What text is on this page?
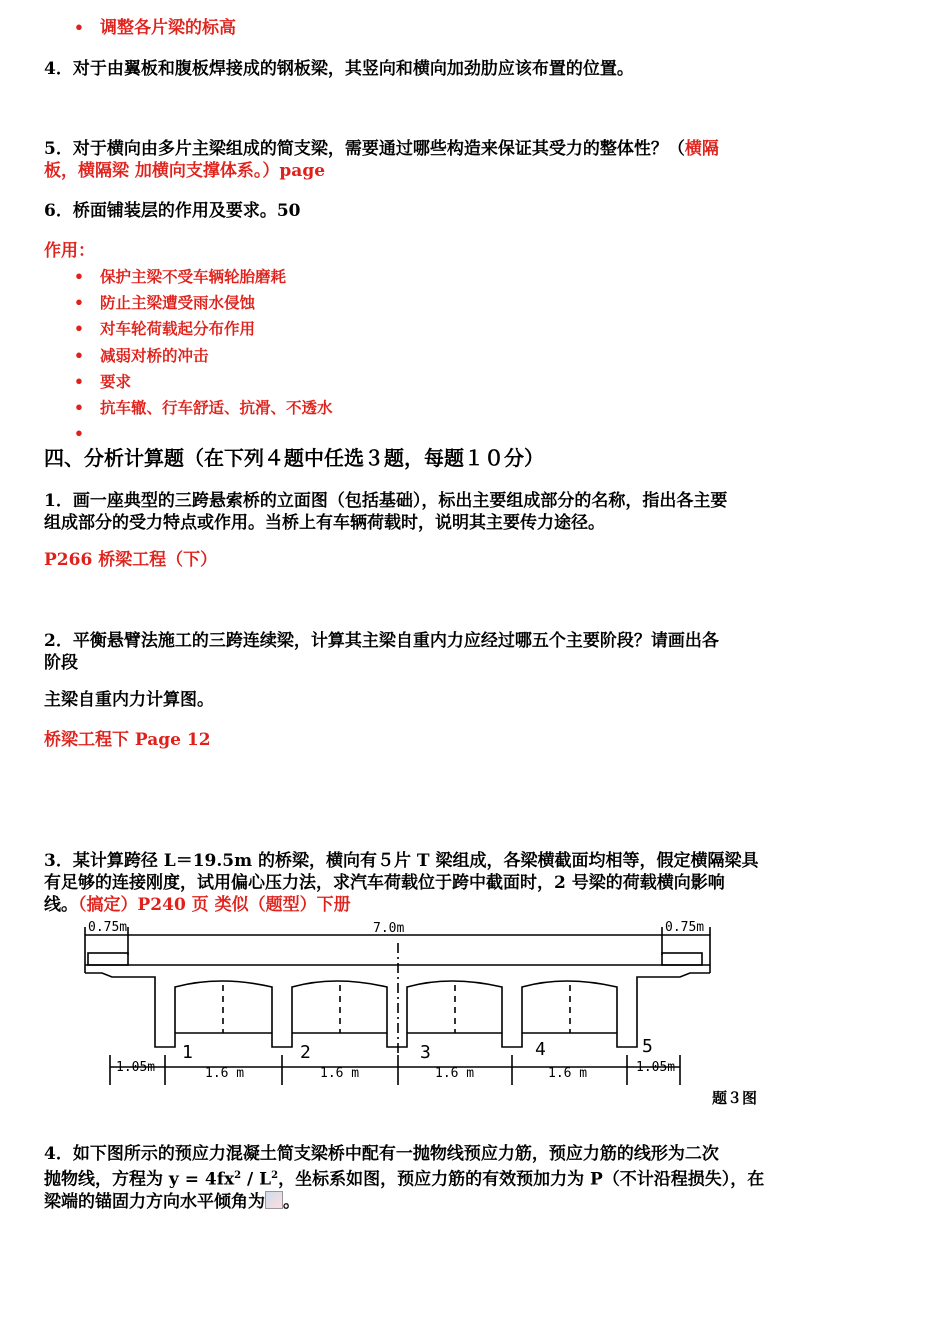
• 调整各片梁的标高
4．对于由翼板和腹板焊接成的钢板梁，其竖向和横向加劲肋应该布置的位置。
5．对于横向由多片主梁组成的简支梁，需要通过哪些构造来保证其受力的整体性？（横隔
板，横隔梁 加横向支撑体系。）page
6．桥面铺装层的作用及要求。50
作用：
• 保护主梁不受车辆轮胎磨耗
• 防止主梁遭受雨水侵蚀
• 对车轮荷载起分布作用
• 减弱对桥的冲击
• 要求
• 抗车辙、行车舒适、抗滑、不透水
•
四、分析计算题（在下列４题中任选３题，每题１０分）
1．画一座典型的三跨悬索桥的立面图（包括基础），标出主要组成部分的名称，指出各主要
组成部分的受力特点或作用。当桥上有车辆荷载时，说明其主要传力途径。
P266 桥梁工程（下）
2．平衡悬臂法施工的三跨连续梁，计算其主梁自重内力应经过哪五个主要阶段？请画出各
阶段
主梁自重内力计算图。
桥梁工程下 Page 12
3．某计算跨径 L＝19.5m 的桥梁，横向有５片 T 梁组成，各梁横截面均相等，假定横隔梁具
有足够的连接刚度，试用偏心压力法，求汽车荷载位于跨中截面时，2 号梁的荷载横向影响
线。（搞定）P240 页 类似（题型）下册
0.75m	7.0m	0.75m
1	2	3	4	5
1.05m	1.6 m	1.6 m	1.6 m	1.6 m	1.05m
题３图
4．如下图所示的预应力混凝土简支梁桥中配有一抛物线预应力筋，预应力筋的线形为二次
抛物线，方程为 $y = 4fx^2 / L^2$，坐标系如图，预应力筋的有效预加力为 P（不计沿程损失），在
梁端的锚固力方向水平倾角为 。
